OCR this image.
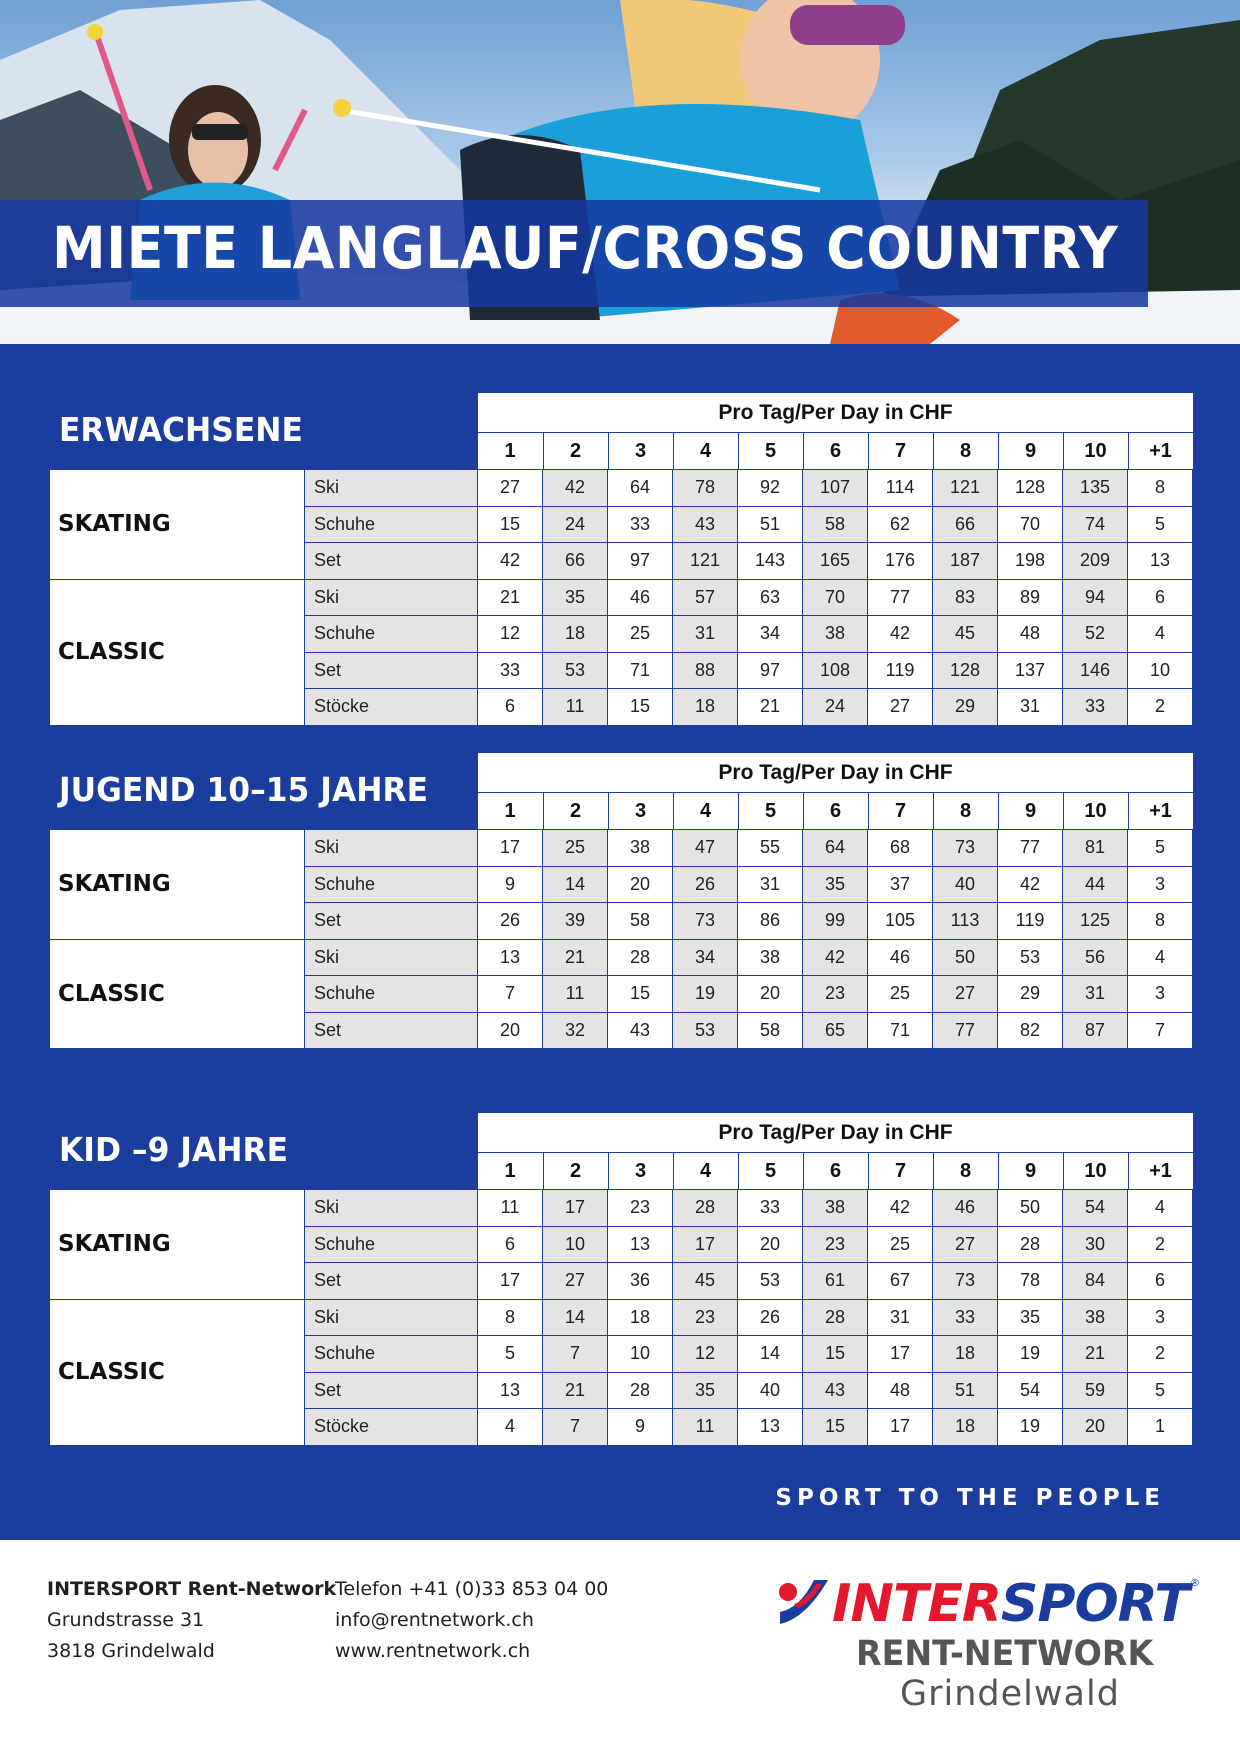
MIETE LANGLAUF/CROSS COUNTRY
ERWACHSENE	Pro Tag/Per Day in CHF
1	2	3	4	5	6	7	8	9	10	+1
SKATING
Ski	27	42	64	78	92	107	114	121	128	135	8
Schuhe	15	24	33	43	51	58	62	66	70	74	5
Set	42	66	97	121	143	165	176	187	198	209	13
CLASSIC
Ski	21	35	46	57	63	70	77	83	89	94	6
Schuhe	12	18	25	31	34	38	42	45	48	52	4
Set	33	53	71	88	97	108	119	128	137	146	10
Stöcke	6	11	15	18	21	24	27	29	31	33	2
JUGEND 10–15 JAHRE	Pro Tag/Per Day in CHF
1	2	3	4	5	6	7	8	9	10	+1
SKATING
Ski	17	25	38	47	55	64	68	73	77	81	5
Schuhe	9	14	20	26	31	35	37	40	42	44	3
Set	26	39	58	73	86	99	105	113	119	125	8
CLASSIC
Ski	13	21	28	34	38	42	46	50	53	56	4
Schuhe	7	11	15	19	20	23	25	27	29	31	3
Set	20	32	43	53	58	65	71	77	82	87	7
KID –9 JAHRE	Pro Tag/Per Day in CHF
1	2	3	4	5	6	7	8	9	10	+1
SKATING
Ski	11	17	23	28	33	38	42	46	50	54	4
Schuhe	6	10	13	17	20	23	25	27	28	30	2
Set	17	27	36	45	53	61	67	73	78	84	6
CLASSIC
Ski	8	14	18	23	26	28	31	33	35	38	3
Schuhe	5	7	10	12	14	15	17	18	19	21	2
Set	13	21	28	35	40	43	48	51	54	59	5
Stöcke	4	7	9	11	13	15	17	18	19	20	1
SPORT TO THE PEOPLE
INTERSPORT Rent-Network
Grundstrasse 31
3818 Grindelwald
Telefon +41 (0)33 853 04 00
info@rentnetwork.ch
www.rentnetwork.ch
INTERSPORT ®
RENT-NETWORK
Grindelwald
